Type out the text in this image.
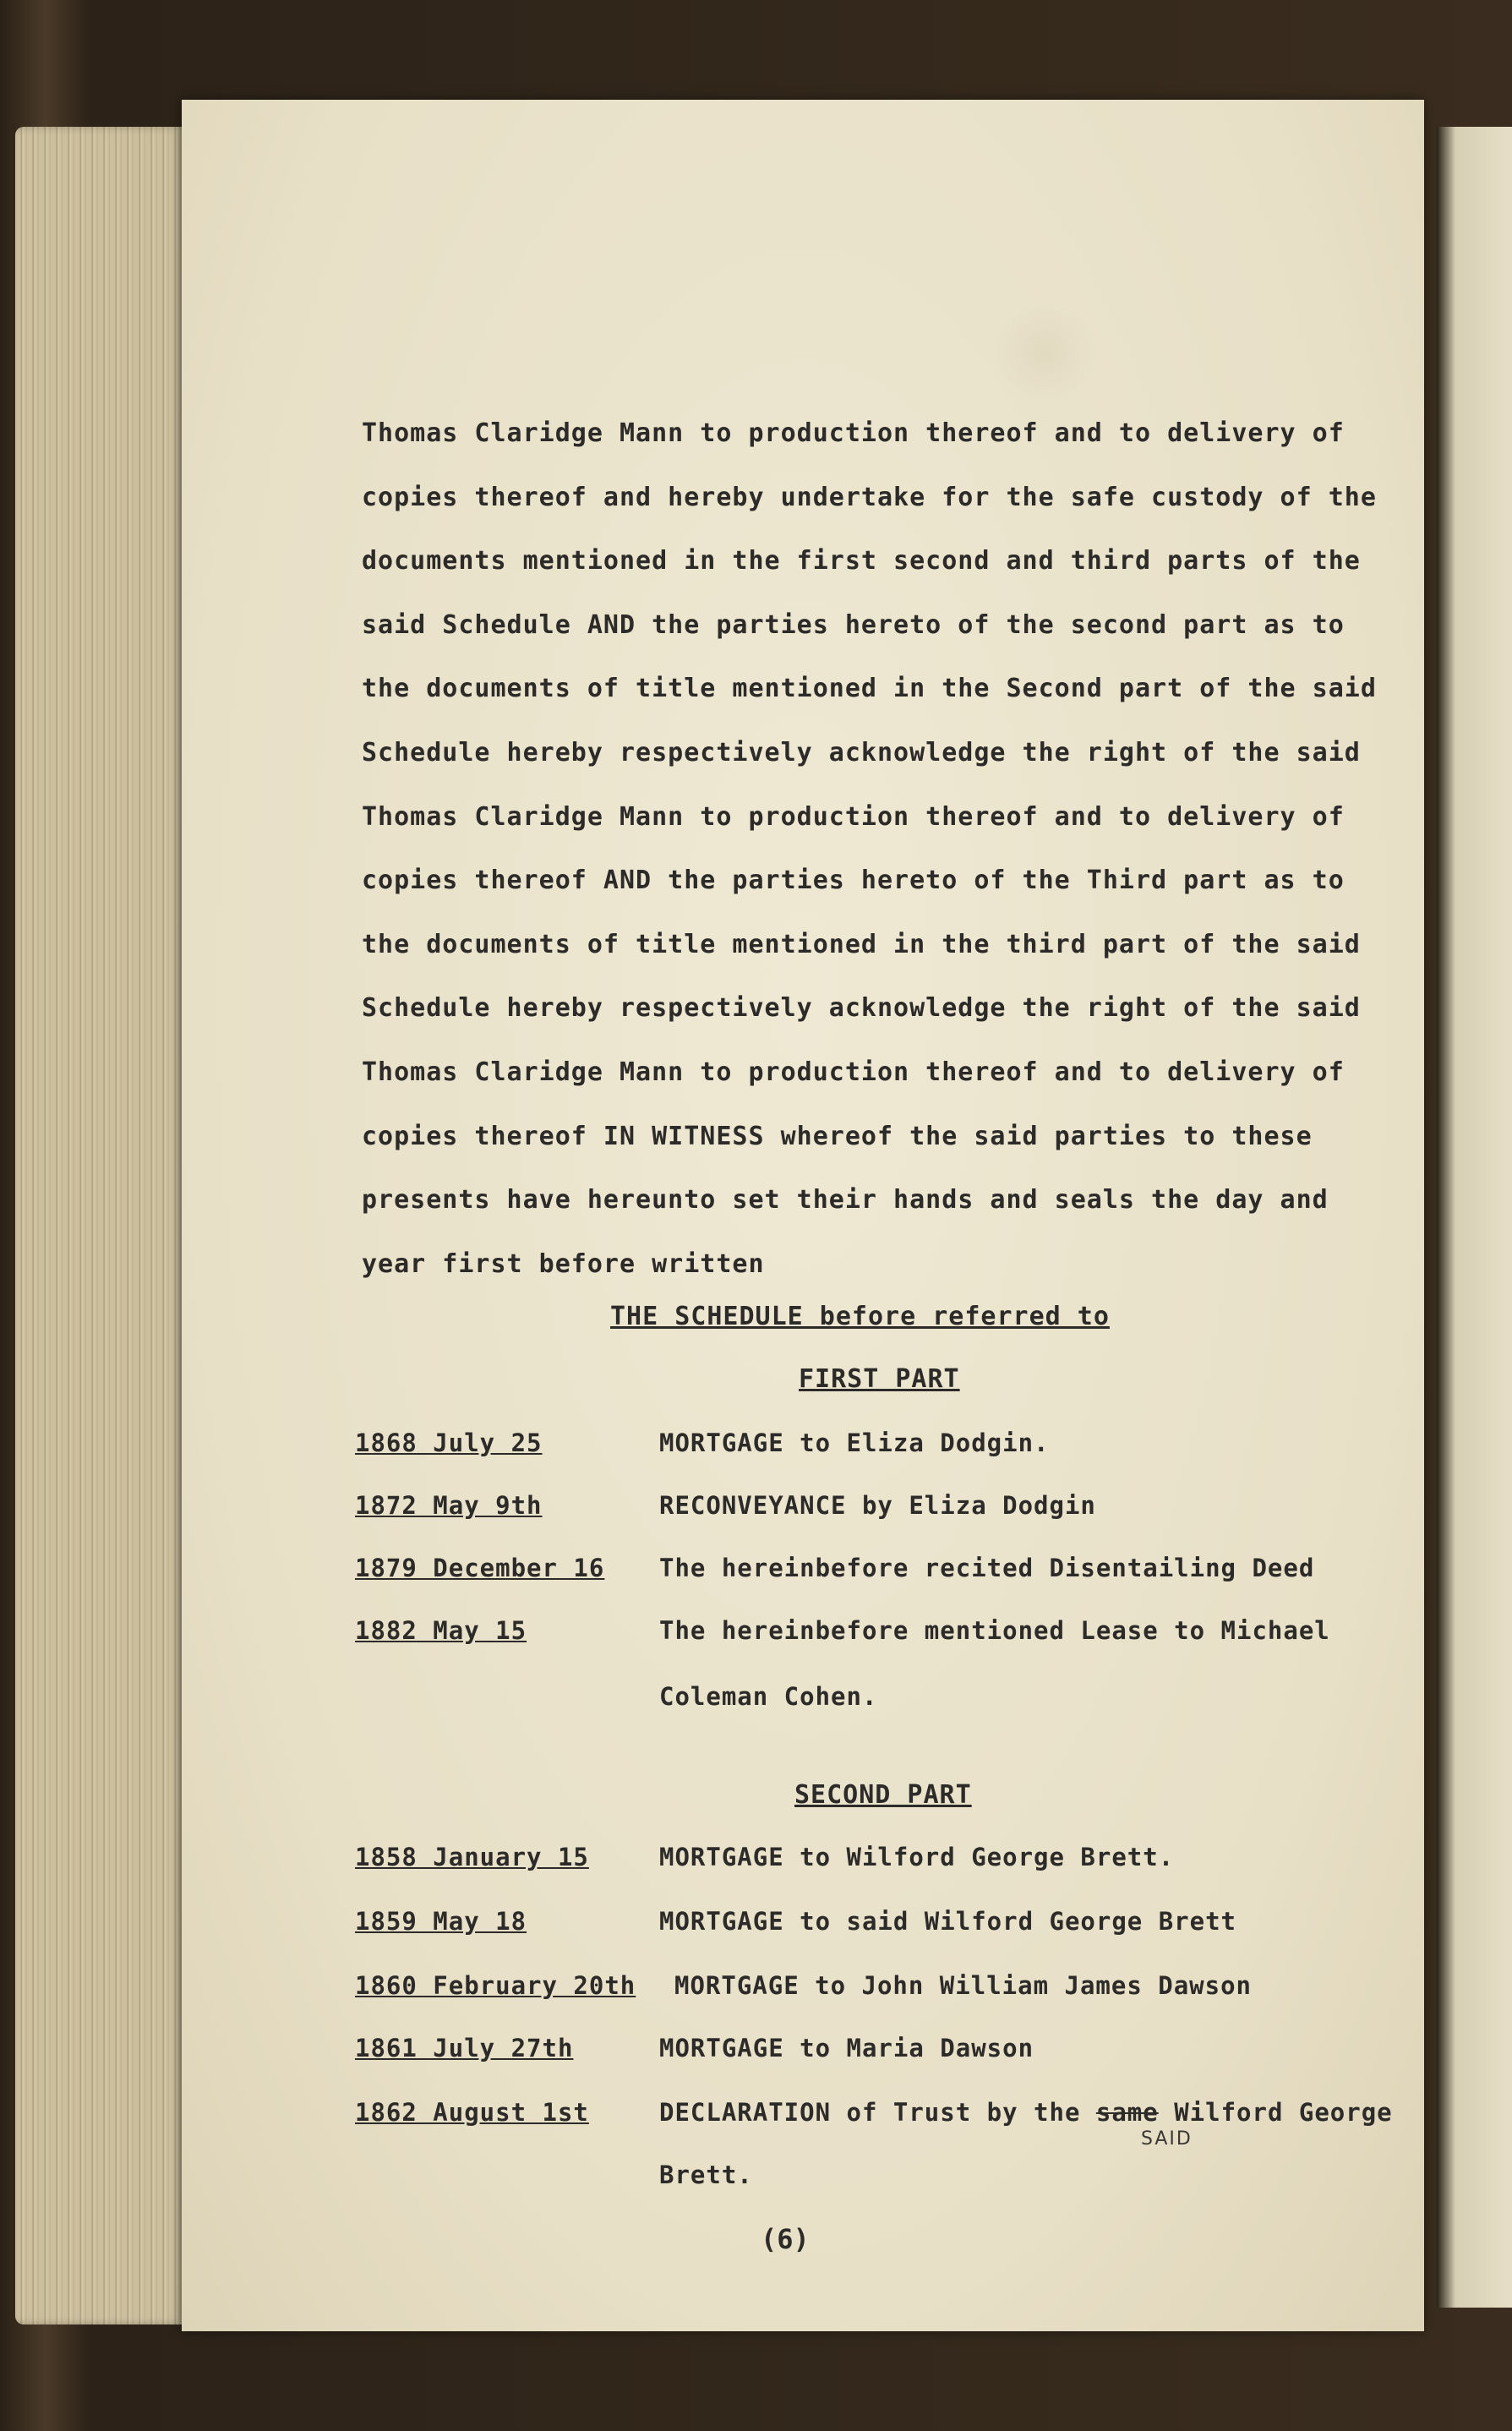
Thomas Claridge Mann to production thereof and to delivery of

copies thereof and hereby undertake for the safe custody of the

documents mentioned in the first second and third parts of the

said Schedule AND the parties hereto of the second part as to

the documents of title mentioned in the Second part of the said

Schedule hereby respectively acknowledge the right of the said

Thomas Claridge Mann to production thereof and to delivery of

copies thereof AND the parties hereto of the Third part as to

the documents of title mentioned in the third part of the said

Schedule hereby respectively acknowledge the right of the said

Thomas Claridge Mann to production thereof and to delivery of

copies thereof IN WITNESS whereof the said parties to these

presents have hereunto set their hands and seals the day and

year first before written

THE SCHEDULE before referred to
FIRST PART
1868 July 25	MORTGAGE to Eliza Dodgin.
1872 May 9th	RECONVEYANCE by Eliza Dodgin
1879 December 16 The hereinbefore recited Disentailing Deed
1882 May 15	The hereinbefore mentioned Lease to Michael
Coleman Cohen.
SECOND PART
1858 January 15	MORTGAGE to Wilford George Brett.
1859 May 18	MORTGAGE to said Wilford George Brett
1860 February 20th MORTGAGE to John William James Dawson
1861 July 27th	MORTGAGE to Maria Dawson
1862 August 1st	DECLARATION of Trust by the same Wilford George
SAID
Brett.
(6)
